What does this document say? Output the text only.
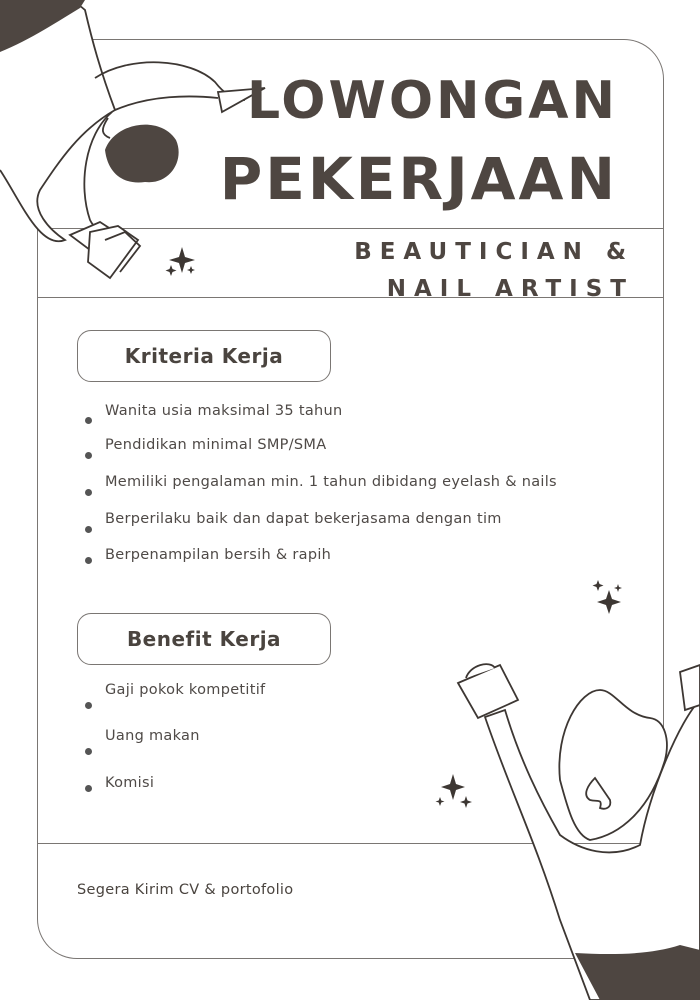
LOWONGAN
PEKERJAAN
BEAUTICIAN & NAIL ARTIST
Kriteria Kerja
Wanita usia maksimal 35 tahun
Pendidikan minimal SMP/SMA
Memiliki pengalaman min. 1 tahun dibidang eyelash & nails
Berperilaku baik dan dapat bekerjasama dengan tim
Berpenampilan bersih & rapih
Benefit Kerja
Gaji pokok kompetitif
Uang makan
Komisi
Segera Kirim CV & portofolio
